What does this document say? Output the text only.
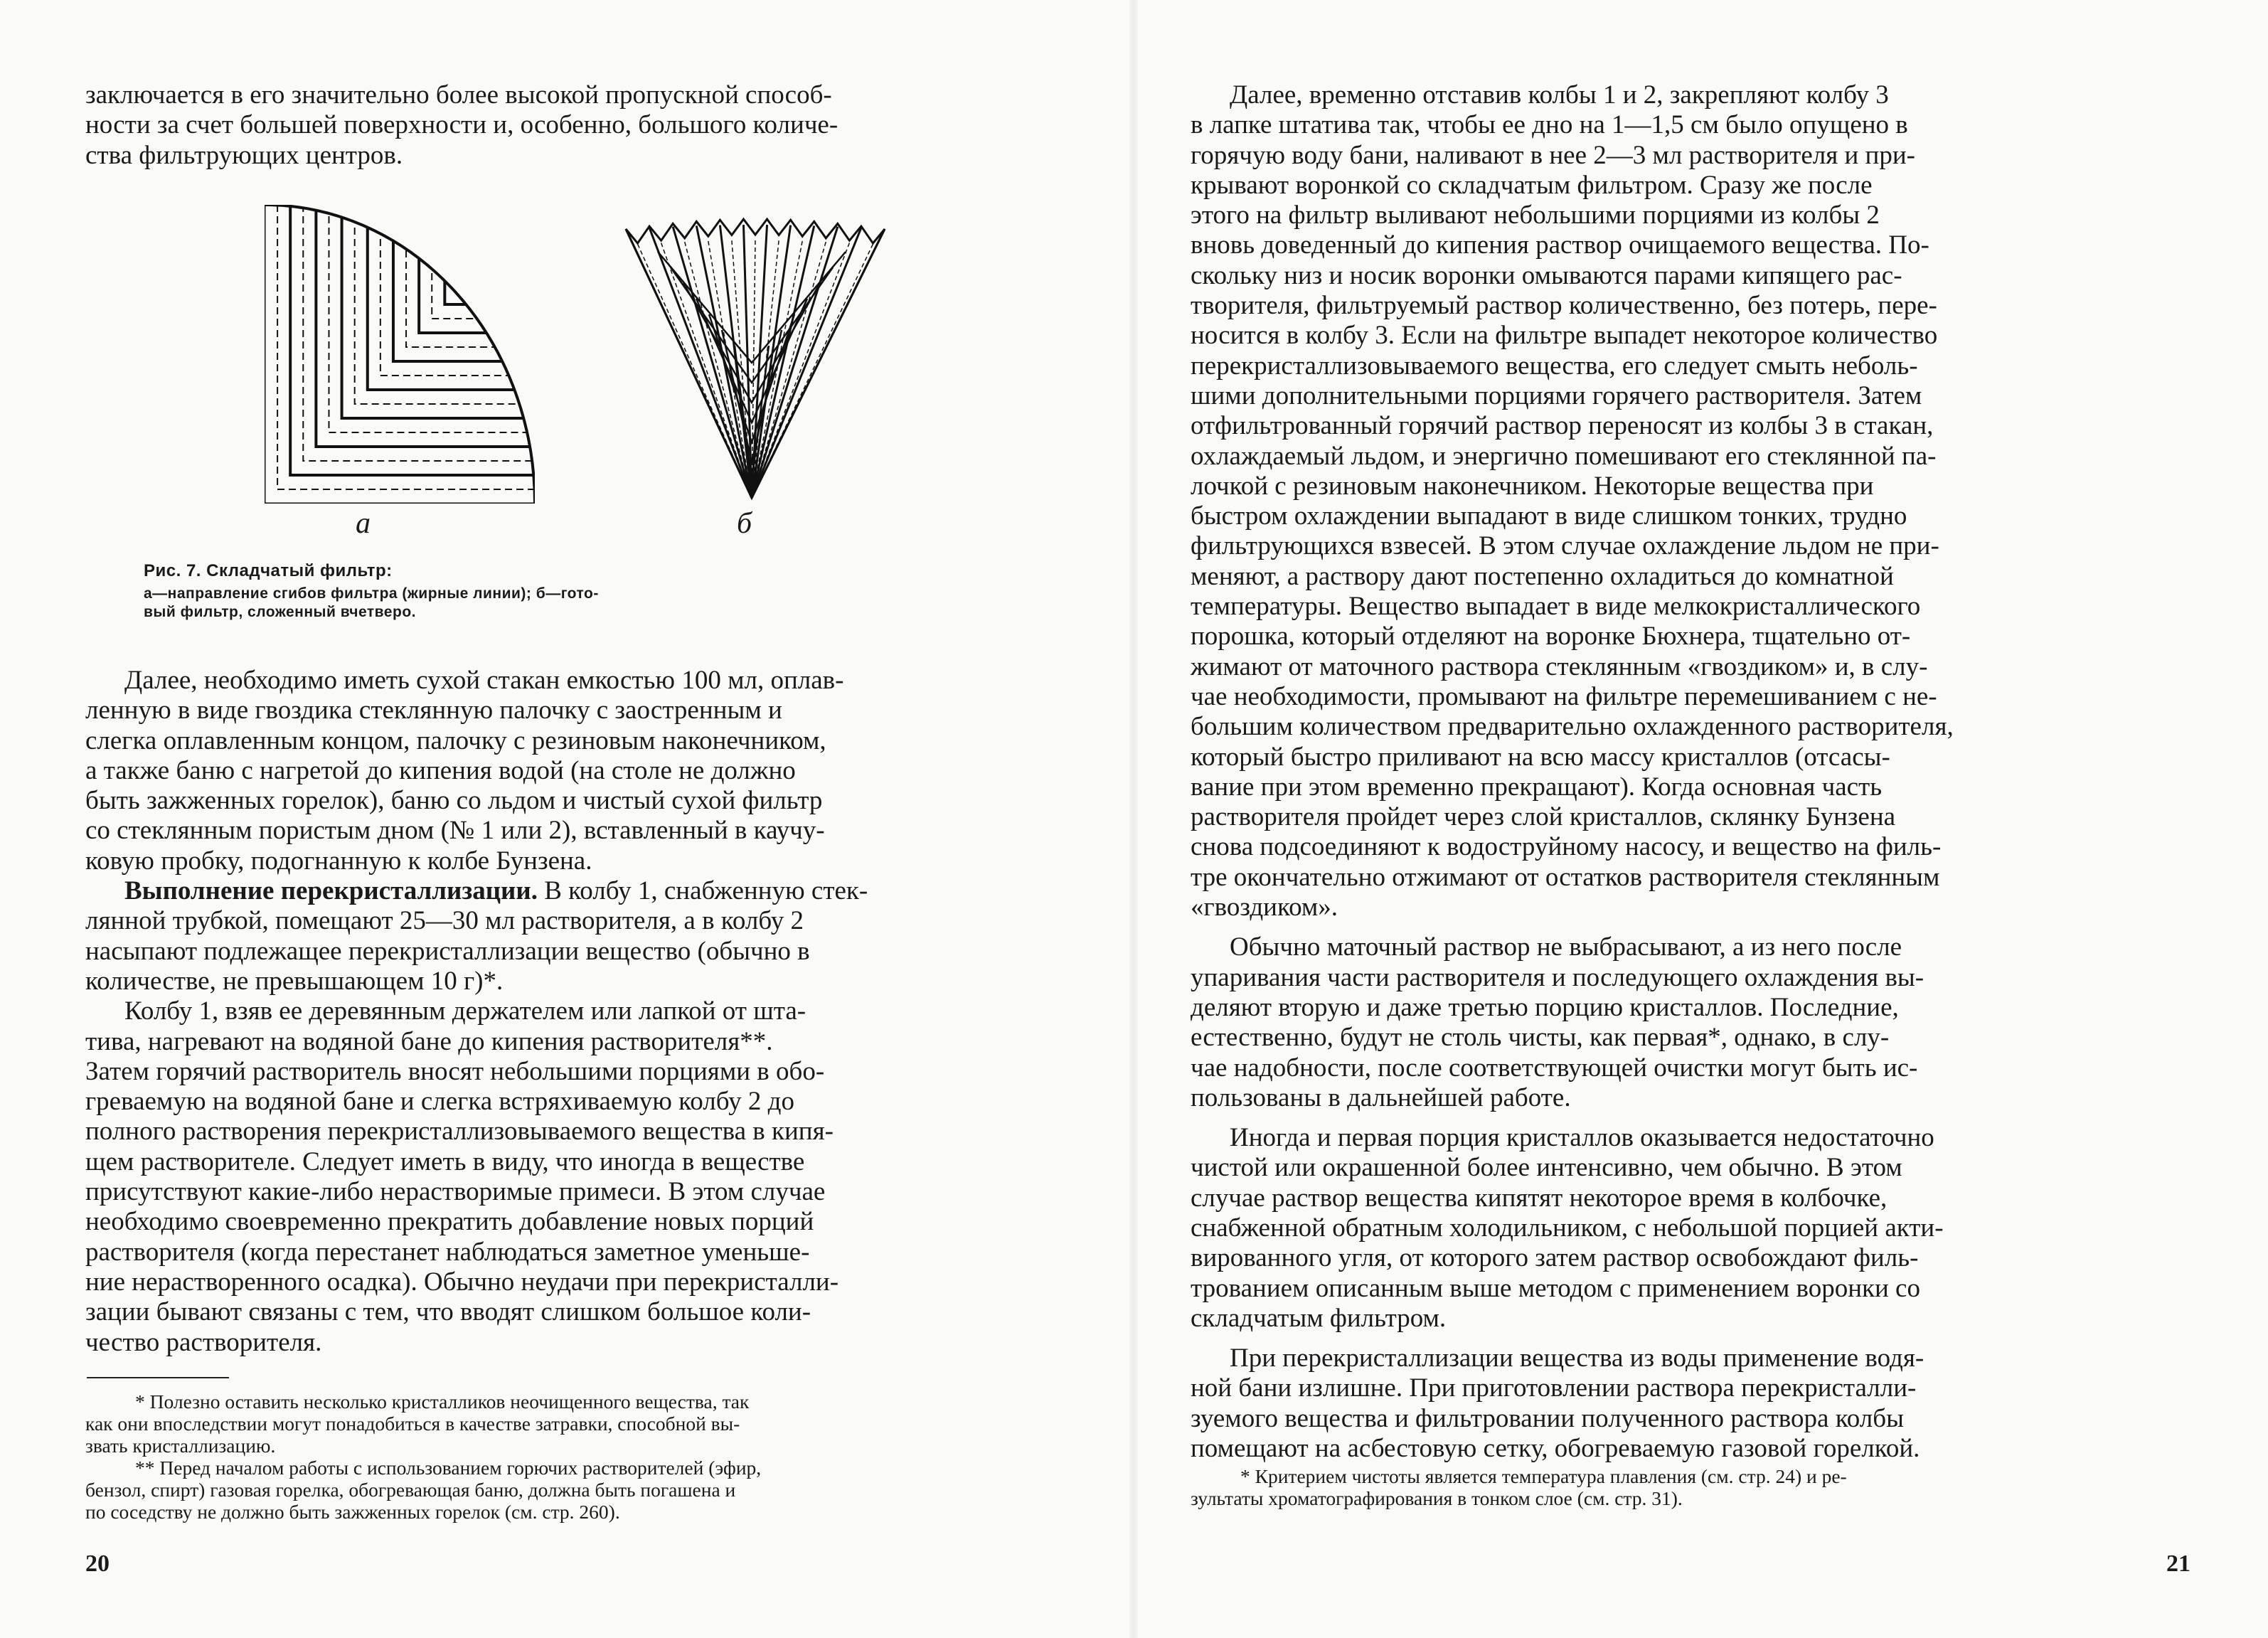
заключается в его значительно более высокой пропускной способ-

ности за счет большей поверхности и, особенно, большого количе-

ства фильтрующих центров.

а	б
Рис. 7. Складчатый фильтр:
а—направление сгибов фильтра (жирные линии); б—гото-
вый фильтр, сложенный вчетверо.

Далее, необходимо иметь сухой стакан емкостью 100 мл, оплав-

ленную в виде гвоздика стеклянную палочку с заостренным и

слегка оплавленным концом, палочку с резиновым наконечником,

а также баню с нагретой до кипения водой (на столе не должно

быть зажженных горелок), баню со льдом и чистый сухой фильтр

со стеклянным пористым дном (№ 1 или 2), вставленный в каучу-

ковую пробку, подогнанную к колбе Бунзена.

Выполнение перекристаллизации. В колбу 1, снабженную стек-

лянной трубкой, помещают 25—30 мл растворителя, а в колбу 2

насыпают подлежащее перекристаллизации вещество (обычно в

количестве, не превышающем 10 г)*.

Колбу 1, взяв ее деревянным держателем или лапкой от шта-

тива, нагревают на водяной бане до кипения растворителя**.

Затем горячий растворитель вносят небольшими порциями в обо-

греваемую на водяной бане и слегка встряхиваемую колбу 2 до

полного растворения перекристаллизовываемого вещества в кипя-

щем растворителе. Следует иметь в виду, что иногда в веществе

присутствуют какие-либо нерастворимые примеси. В этом случае

необходимо своевременно прекратить добавление новых порций

растворителя (когда перестанет наблюдаться заметное уменьше-

ние нерастворенного осадка). Обычно неудачи при перекристалли-

зации бывают связаны с тем, что вводят слишком большое коли-

чество растворителя.

* Полезно оставить несколько кристалликов неочищенного вещества, так

как они впоследствии могут понадобиться в качестве затравки, способной вы-

звать кристаллизацию.

** Перед началом работы с использованием горючих растворителей (эфир,

бензол, спирт) газовая горелка, обогревающая баню, должна быть погашена и

по соседству не должно быть зажженных горелок (см. стр. 260).

20

Далее, временно отставив колбы 1 и 2, закрепляют колбу 3

в лапке штатива так, чтобы ее дно на 1—1,5 см было опущено в

горячую воду бани, наливают в нее 2—3 мл растворителя и при-

крывают воронкой со складчатым фильтром. Сразу же после

этого на фильтр выливают небольшими порциями из колбы 2

вновь доведенный до кипения раствор очищаемого вещества. По-

скольку низ и носик воронки омываются парами кипящего рас-

творителя, фильтруемый раствор количественно, без потерь, пере-

носится в колбу 3. Если на фильтре выпадет некоторое количество

перекристаллизовываемого вещества, его следует смыть неболь-

шими дополнительными порциями горячего растворителя. Затем

отфильтрованный горячий раствор переносят из колбы 3 в стакан,

охлаждаемый льдом, и энергично помешивают его стеклянной па-

лочкой с резиновым наконечником. Некоторые вещества при

быстром охлаждении выпадают в виде слишком тонких, трудно

фильтрующихся взвесей. В этом случае охлаждение льдом не при-

меняют, а раствору дают постепенно охладиться до комнатной

температуры. Вещество выпадает в виде мелкокристаллического

порошка, который отделяют на воронке Бюхнера, тщательно от-

жимают от маточного раствора стеклянным «гвоздиком» и, в слу-

чае необходимости, промывают на фильтре перемешиванием с не-

большим количеством предварительно охлажденного растворителя,

который быстро приливают на всю массу кристаллов (отсасы-

вание при этом временно прекращают). Когда основная часть

растворителя пройдет через слой кристаллов, склянку Бунзена

снова подсоединяют к водоструйному насосу, и вещество на филь-

тре окончательно отжимают от остатков растворителя стеклянным

«гвоздиком».

Обычно маточный раствор не выбрасывают, а из него после

упаривания части растворителя и последующего охлаждения вы-

деляют вторую и даже третью порцию кристаллов. Последние,

естественно, будут не столь чисты, как первая*, однако, в слу-

чае надобности, после соответствующей очистки могут быть ис-

пользованы в дальнейшей работе.

Иногда и первая порция кристаллов оказывается недостаточно

чистой или окрашенной более интенсивно, чем обычно. В этом

случае раствор вещества кипятят некоторое время в колбочке,

снабженной обратным холодильником, с небольшой порцией акти-

вированного угля, от которого затем раствор освобождают филь-

трованием описанным выше методом с применением воронки со

складчатым фильтром.

При перекристаллизации вещества из воды применение водя-

ной бани излишне. При приготовлении раствора перекристалли-

зуемого вещества и фильтровании полученного раствора колбы

помещают на асбестовую сетку, обогреваемую газовой горелкой.

* Критерием чистоты является температура плавления (см. стр. 24) и ре-

зультаты хроматографирования в тонком слое (см. стр. 31).

21
